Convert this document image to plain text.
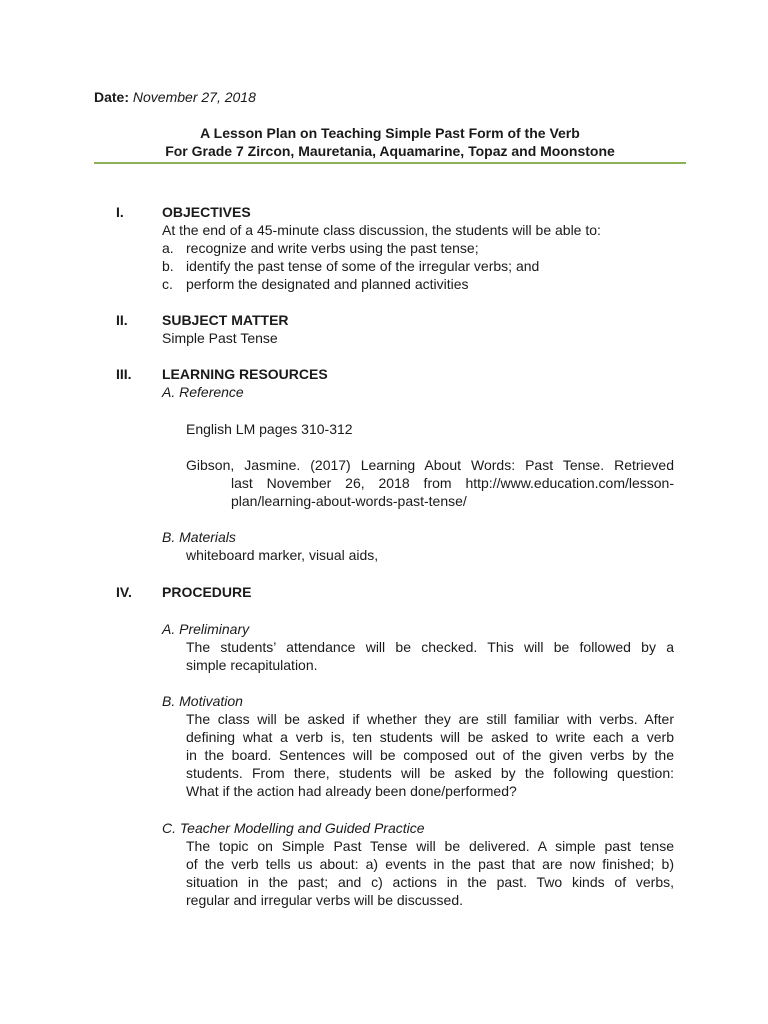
Date: November 27, 2018
A Lesson Plan on Teaching Simple Past Form of the Verb
For Grade 7 Zircon, Mauretania, Aquamarine, Topaz and Moonstone
I.	OBJECTIVES
At the end of a 45-minute class discussion, the students will be able to:
a. recognize and write verbs using the past tense;
b. identify the past tense of some of the irregular verbs; and
c. perform the designated and planned activities
II. SUBJECT MATTER
Simple Past Tense
III. LEARNING RESOURCES
A. Reference
English LM pages 310-312
Gibson, Jasmine. (2017) Learning About Words: Past Tense. Retrieved
last November 26, 2018 from http://www.education.com/lesson-
plan/learning-about-words-past-tense/
B. Materials
whiteboard marker, visual aids,
IV. PROCEDURE
A. Preliminary
The students’ attendance will be checked. This will be followed by a
simple recapitulation.
B. Motivation
The class will be asked if whether they are still familiar with verbs. After
defining what a verb is, ten students will be asked to write each a verb
in the board. Sentences will be composed out of the given verbs by the
students. From there, students will be asked by the following question:
What if the action had already been done/performed?
C. Teacher Modelling and Guided Practice
The topic on Simple Past Tense will be delivered. A simple past tense
of the verb tells us about: a) events in the past that are now finished; b)
situation in the past; and c) actions in the past. Two kinds of verbs,
regular and irregular verbs will be discussed.
